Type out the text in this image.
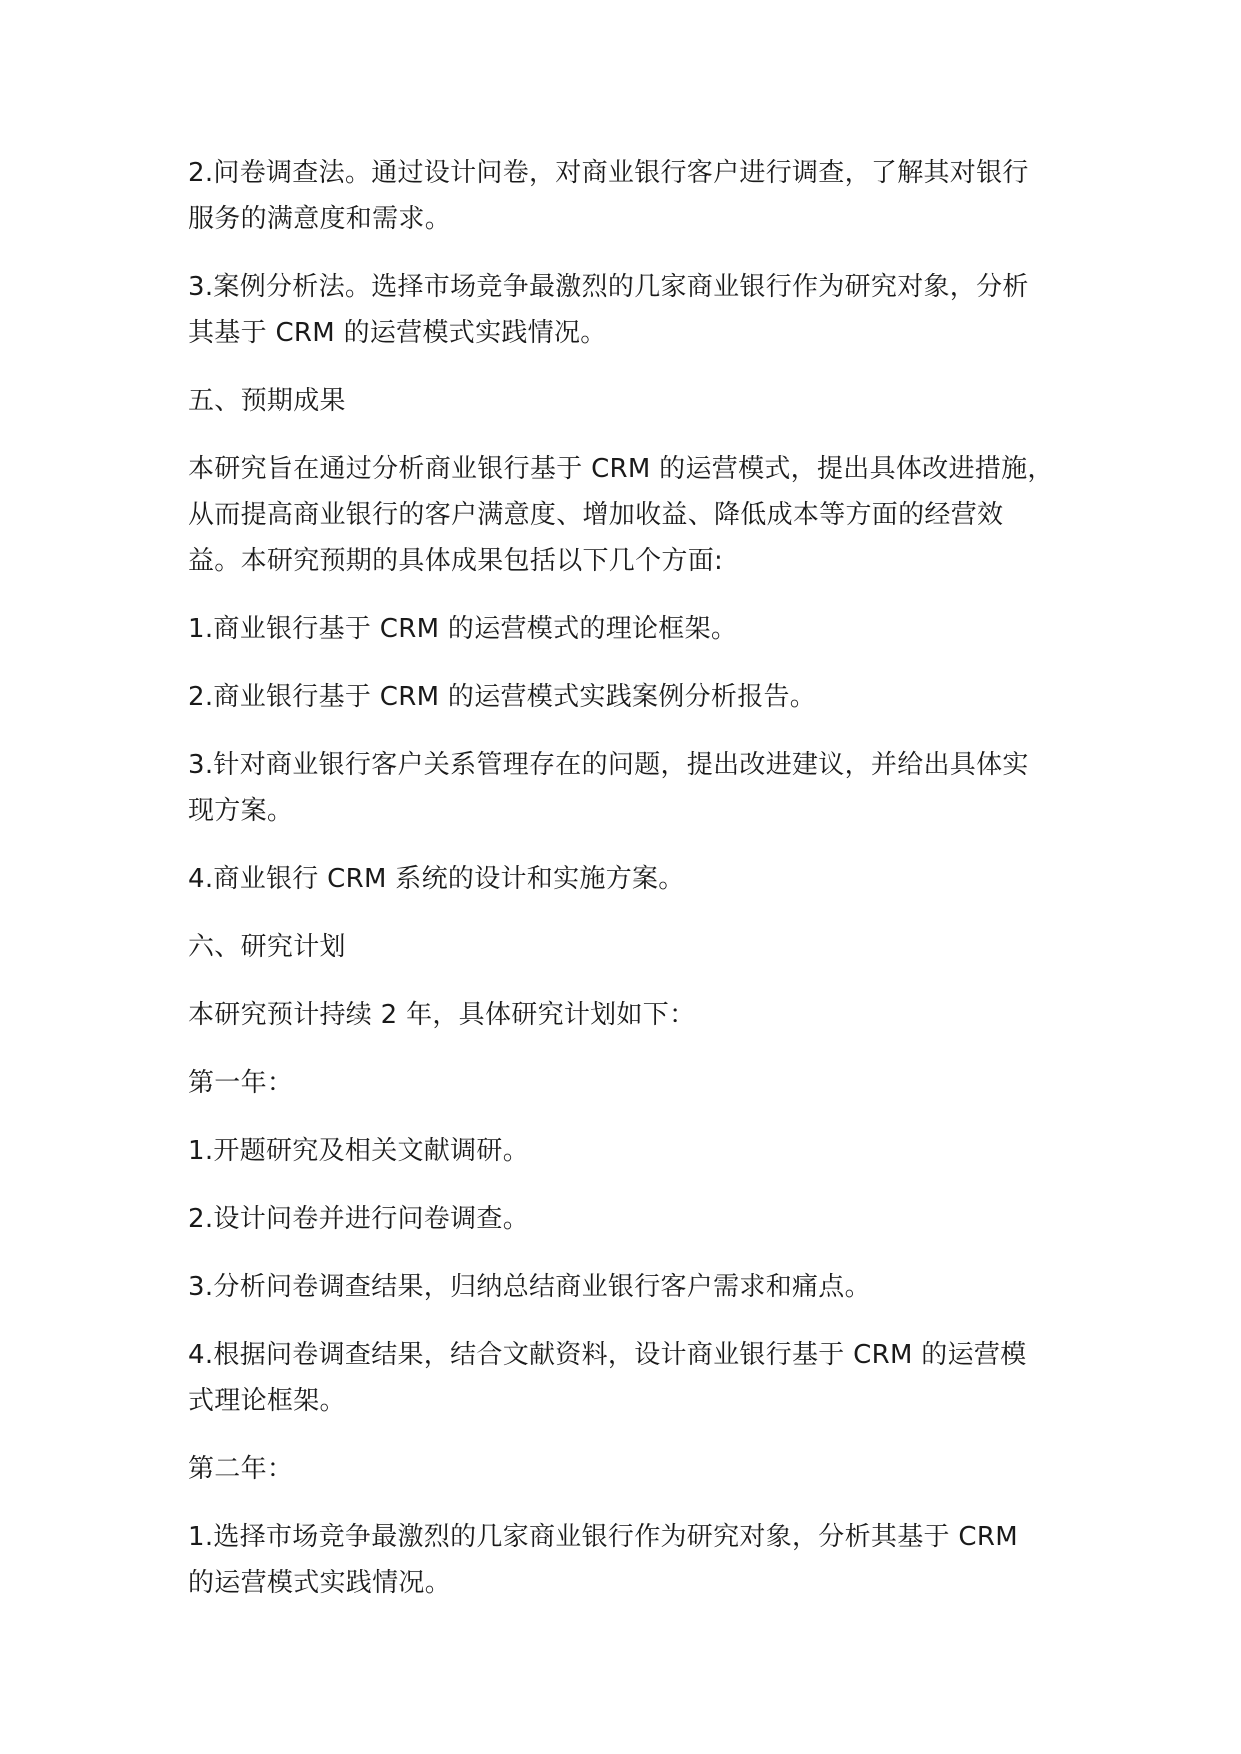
2.问卷调查法。通过设计问卷，对商业银行客户进行调查，了解其对银行
服务的满意度和需求。

3.案例分析法。选择市场竞争最激烈的几家商业银行作为研究对象，分析
其基于 CRM 的运营模式实践情况。

五、预期成果

本研究旨在通过分析商业银行基于 CRM 的运营模式，提出具体改进措施，
从而提高商业银行的客户满意度、增加收益、降低成本等方面的经营效
益。本研究预期的具体成果包括以下几个方面:

1.商业银行基于 CRM 的运营模式的理论框架。

2.商业银行基于 CRM 的运营模式实践案例分析报告。

3.针对商业银行客户关系管理存在的问题，提出改进建议，并给出具体实
现方案。

4.商业银行 CRM 系统的设计和实施方案。

六、研究计划

本研究预计持续 2 年，具体研究计划如下：

第一年：

1.开题研究及相关文献调研。

2.设计问卷并进行问卷调查。

3.分析问卷调查结果，归纳总结商业银行客户需求和痛点。

4.根据问卷调查结果，结合文献资料，设计商业银行基于 CRM 的运营模
式理论框架。

第二年：

1.选择市场竞争最激烈的几家商业银行作为研究对象，分析其基于 CRM
的运营模式实践情况。
